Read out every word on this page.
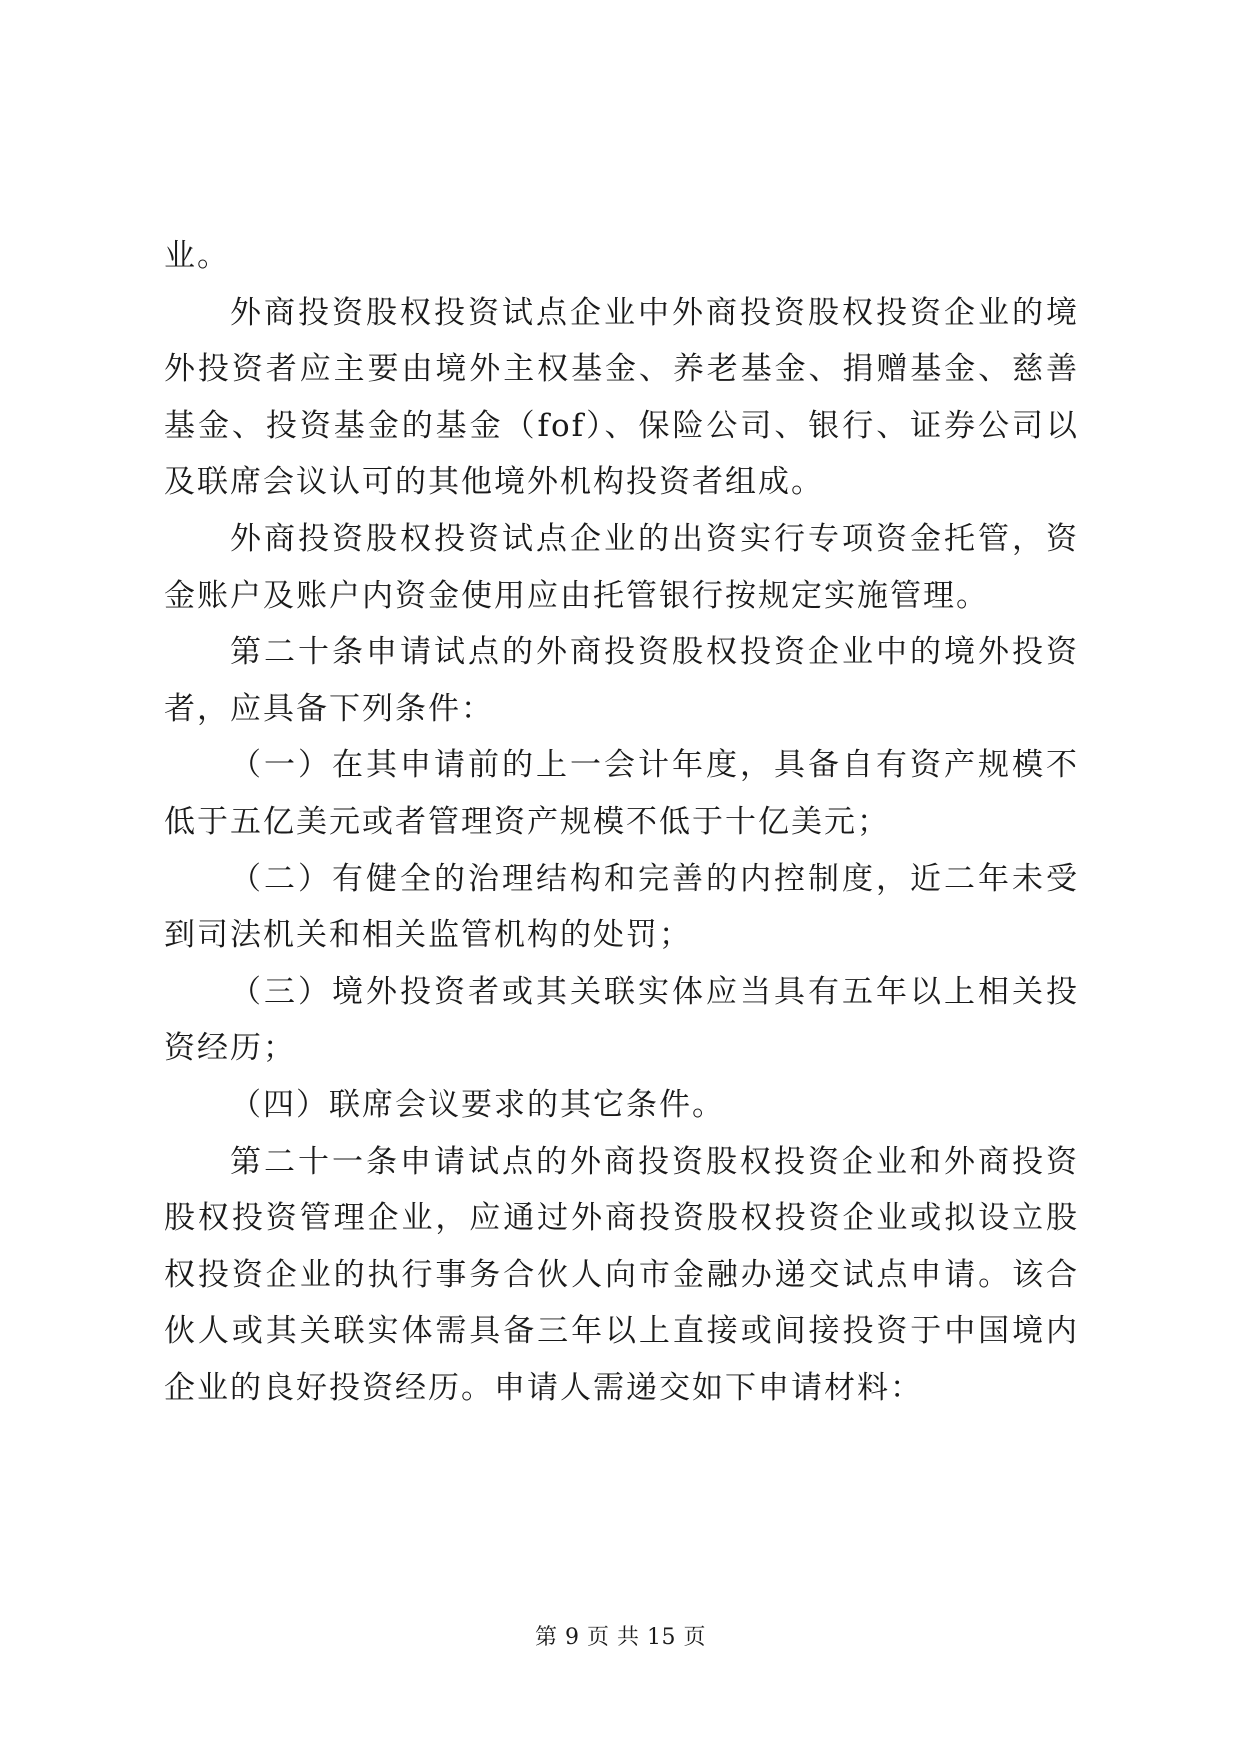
业。

外商投资股权投资试点企业中外商投资股权投资企业的境外投资者应主要由境外主权基金、养老基金、捐赠基金、慈善基金、投资基金的基金（fof）、保险公司、银行、证券公司以及联席会议认可的其他境外机构投资者组成。

外商投资股权投资试点企业的出资实行专项资金托管，资金账户及账户内资金使用应由托管银行按规定实施管理。

第二十条申请试点的外商投资股权投资企业中的境外投资者，应具备下列条件：

（一）在其申请前的上一会计年度，具备自有资产规模不低于五亿美元或者管理资产规模不低于十亿美元；

（二）有健全的治理结构和完善的内控制度，近二年未受到司法机关和相关监管机构的处罚；

（三）境外投资者或其关联实体应当具有五年以上相关投资经历；

（四）联席会议要求的其它条件。

第二十一条申请试点的外商投资股权投资企业和外商投资股权投资管理企业，应通过外商投资股权投资企业或拟设立股权投资企业的执行事务合伙人向市金融办递交试点申请。该合伙人或其关联实体需具备三年以上直接或间接投资于中国境内企业的良好投资经历。申请人需递交如下申请材料：

第 9 页 共 15 页
